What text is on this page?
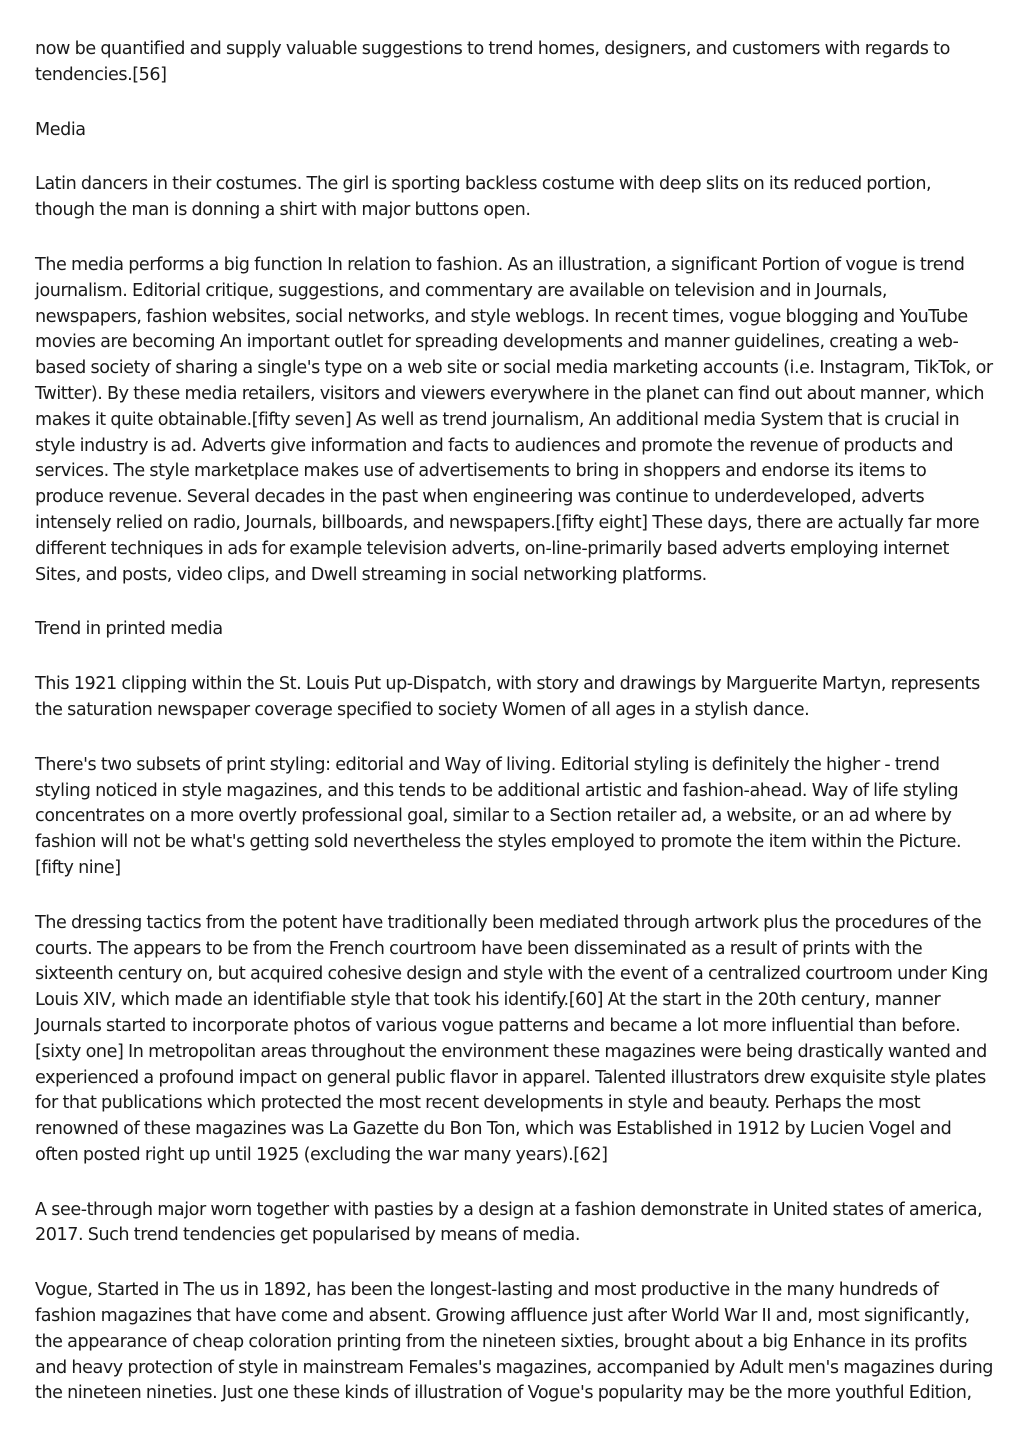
now be quantified and supply valuable suggestions to trend homes, designers, and customers with regards to tendencies.[56]

Media

Latin dancers in their costumes. The girl is sporting backless costume with deep slits on its reduced portion, though the man is donning a shirt with major buttons open.

The media performs a big function In relation to fashion. As an illustration, a significant Portion of vogue is trend journalism. Editorial critique, suggestions, and commentary are available on television and in Journals, newspapers, fashion websites, social networks, and style weblogs. In recent times, vogue blogging and YouTube movies are becoming An important outlet for spreading developments and manner guidelines, creating a web-based society of sharing a single's type on a web site or social media marketing accounts (i.e. Instagram, TikTok, or Twitter). By these media retailers, visitors and viewers everywhere in the planet can find out about manner, which makes it quite obtainable.[fifty seven] As well as trend journalism, An additional media System that is crucial in style industry is ad. Adverts give information and facts to audiences and promote the revenue of products and services. The style marketplace makes use of advertisements to bring in shoppers and endorse its items to produce revenue. Several decades in the past when engineering was continue to underdeveloped, adverts intensely relied on radio, Journals, billboards, and newspapers.[fifty eight] These days, there are actually far more different techniques in ads for example television adverts, on-line-primarily based adverts employing internet Sites, and posts, video clips, and Dwell streaming in social networking platforms.

Trend in printed media

This 1921 clipping within the St. Louis Put up-Dispatch, with story and drawings by Marguerite Martyn, represents the saturation newspaper coverage specified to society Women of all ages in a stylish dance.

There's two subsets of print styling: editorial and Way of living. Editorial styling is definitely the higher - trend styling noticed in style magazines, and this tends to be additional artistic and fashion-ahead. Way of life styling concentrates on a more overtly professional goal, similar to a Section retailer ad, a website, or an ad where by fashion will not be what's getting sold nevertheless the styles employed to promote the item within the Picture.[fifty nine]

The dressing tactics from the potent have traditionally been mediated through artwork plus the procedures of the courts. The appears to be from the French courtroom have been disseminated as a result of prints with the sixteenth century on, but acquired cohesive design and style with the event of a centralized courtroom under King Louis XIV, which made an identifiable style that took his identify.[60] At the start in the 20th century, manner Journals started to incorporate photos of various vogue patterns and became a lot more influential than before.[sixty one] In metropolitan areas throughout the environment these magazines were being drastically wanted and experienced a profound impact on general public flavor in apparel. Talented illustrators drew exquisite style plates for that publications which protected the most recent developments in style and beauty. Perhaps the most renowned of these magazines was La Gazette du Bon Ton, which was Established in 1912 by Lucien Vogel and often posted right up until 1925 (excluding the war many years).[62]

A see-through major worn together with pasties by a design at a fashion demonstrate in United states of america, 2017. Such trend tendencies get popularised by means of media.

Vogue, Started in The us in 1892, has been the longest-lasting and most productive in the many hundreds of fashion magazines that have come and absent. Growing affluence just after World War II and, most significantly, the appearance of cheap coloration printing from the nineteen sixties, brought about a big Enhance in its profits and heavy protection of style in mainstream Females's magazines, accompanied by Adult men's magazines during the nineteen nineties. Just one these kinds of illustration of Vogue's popularity may be the more youthful Edition,
